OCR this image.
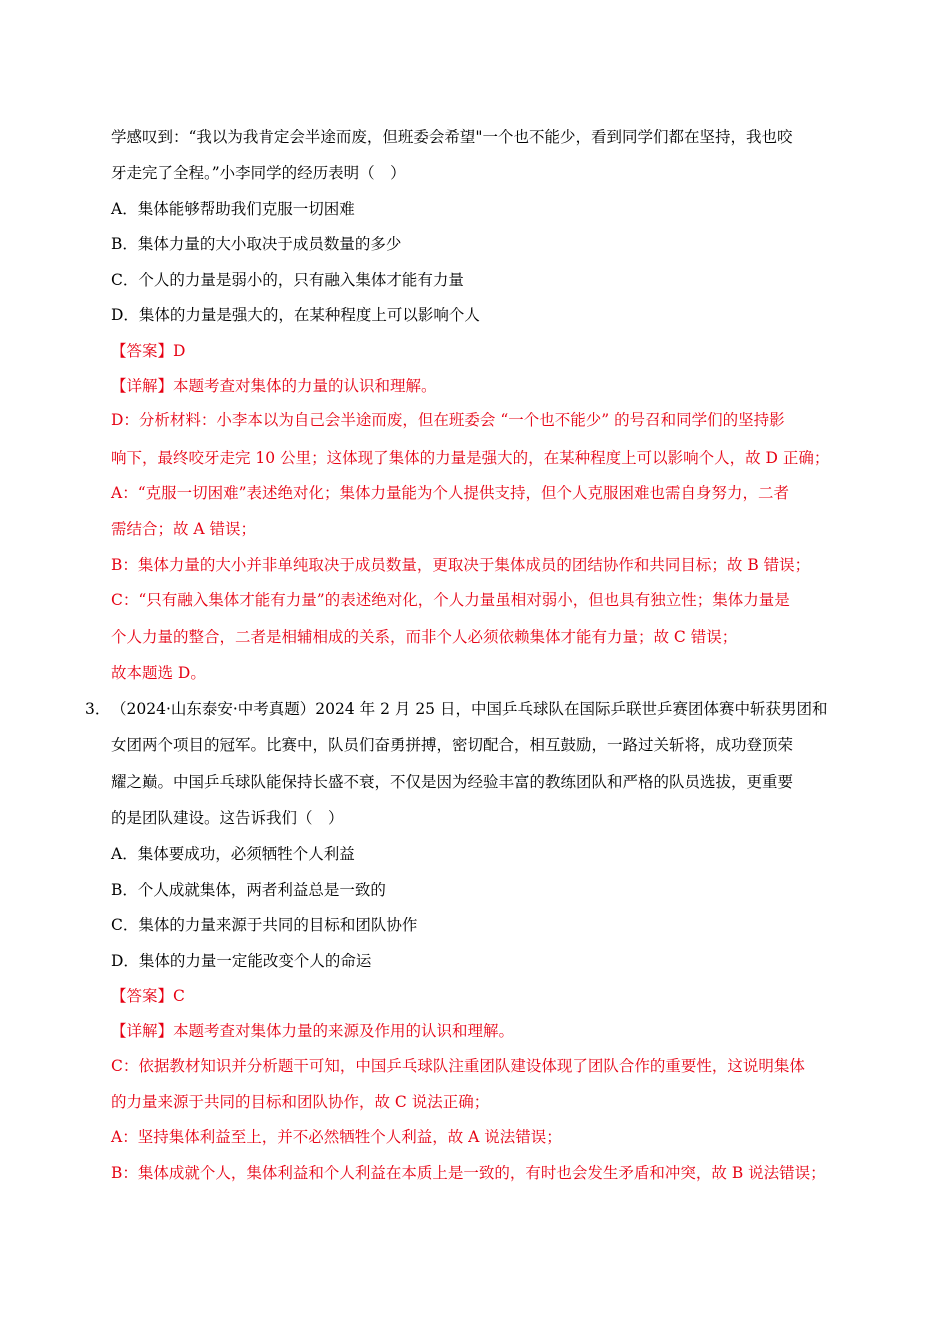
学感叹到：“我以为我肯定会半途而废，但班委会希望"一个也不能少，看到同学们都在坚持，我也咬
牙走完了全程。”小李同学的经历表明（　）
A．集体能够帮助我们克服一切困难
B．集体力量的大小取决于成员数量的多少
C．个人的力量是弱小的，只有融入集体才能有力量
D．集体的力量是强大的，在某种程度上可以影响个人
【答案】D
【详解】本题考查对集体的力量的认识和理解。
D：分析材料：小李本以为自己会半途而废，但在班委会 “一个也不能少” 的号召和同学们的坚持影
响下，最终咬牙走完 10 公里；这体现了集体的力量是强大的，在某种程度上可以影响个人，故 D 正确；
A：“克服一切困难”表述绝对化；集体力量能为个人提供支持，但个人克服困难也需自身努力，二者
需结合；故 A 错误；
B：集体力量的大小并非单纯取决于成员数量，更取决于集体成员的团结协作和共同目标；故 B 错误；
C：“只有融入集体才能有力量”的表述绝对化，个人力量虽相对弱小，但也具有独立性；集体力量是
个人力量的整合，二者是相辅相成的关系，而非个人必须依赖集体才能有力量；故 C 错误；
故本题选 D。
3． （2024·山东泰安·中考真题）2024 年 2 月 25 日，中国乒乓球队在国际乒联世乒赛团体赛中斩获男团和
女团两个项目的冠军。比赛中，队员们奋勇拼搏，密切配合，相互鼓励，一路过关斩将，成功登顶荣
耀之巅。中国乒乓球队能保持长盛不衰，不仅是因为经验丰富的教练团队和严格的队员选拔，更重要
的是团队建设。这告诉我们（　）
A．集体要成功，必须牺牲个人利益
B．个人成就集体，两者利益总是一致的
C．集体的力量来源于共同的目标和团队协作
D．集体的力量一定能改变个人的命运
【答案】C
【详解】本题考查对集体力量的来源及作用的认识和理解。
C：依据教材知识并分析题干可知，中国乒乓球队注重团队建设体现了团队合作的重要性，这说明集体
的力量来源于共同的目标和团队协作，故 C 说法正确；
A：坚持集体利益至上，并不必然牺牲个人利益，故 A 说法错误；
B：集体成就个人，集体利益和个人利益在本质上是一致的，有时也会发生矛盾和冲突，故 B 说法错误；
